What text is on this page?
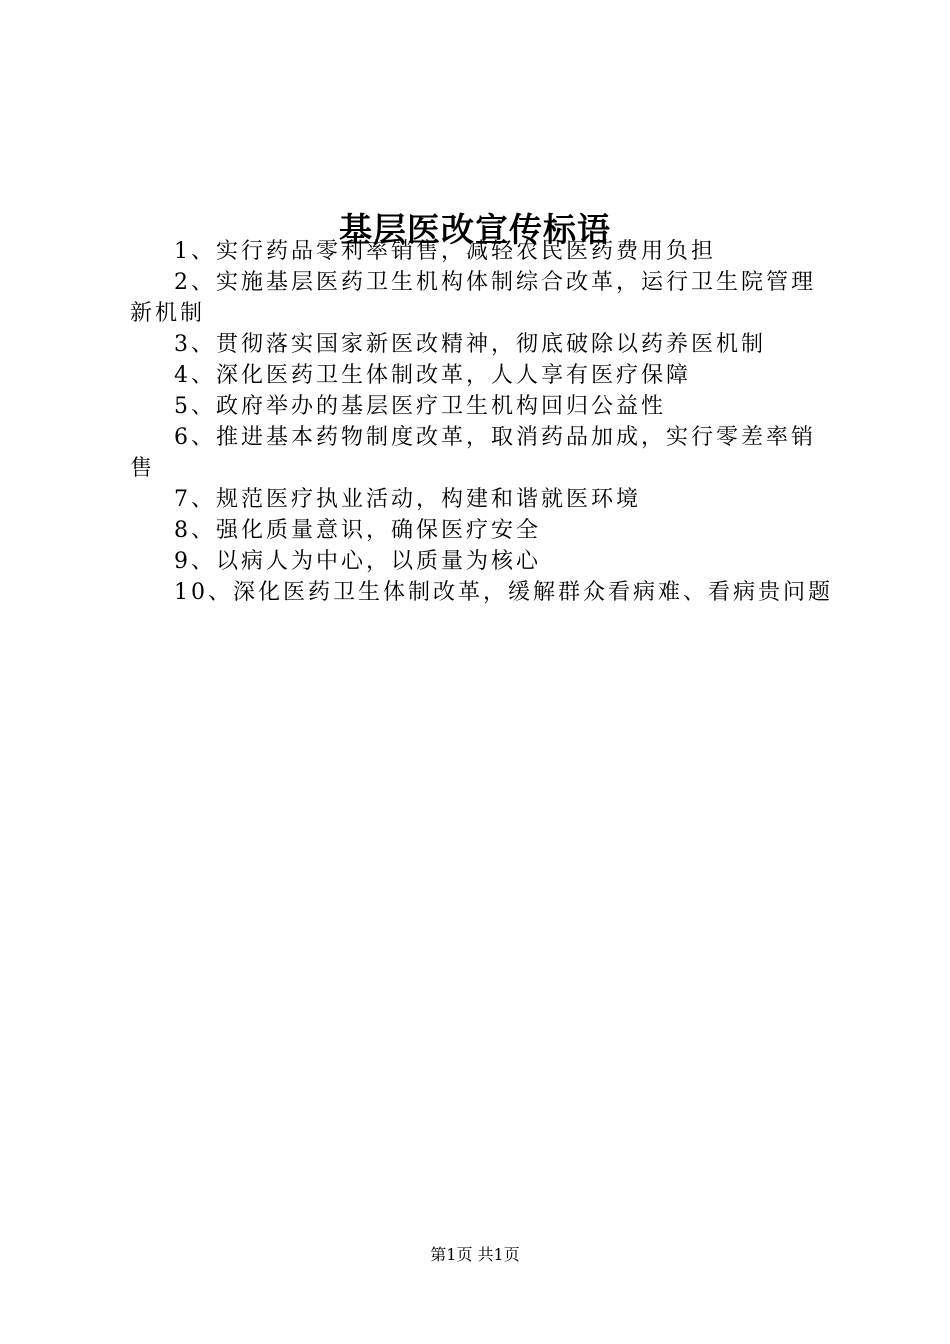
基层医改宣传标语

1、实行药品零利率销售，减轻农民医药费用负担

2、实施基层医药卫生机构体制综合改革，运行卫生院管理新机制

3、贯彻落实国家新医改精神，彻底破除以药养医机制

4、深化医药卫生体制改革，人人享有医疗保障

5、政府举办的基层医疗卫生机构回归公益性

6、推进基本药物制度改革，取消药品加成，实行零差率销售

7、规范医疗执业活动，构建和谐就医环境

8、强化质量意识，确保医疗安全

9、以病人为中心，以质量为核心

10、深化医药卫生体制改革，缓解群众看病难、看病贵问题

第1页 共1页
